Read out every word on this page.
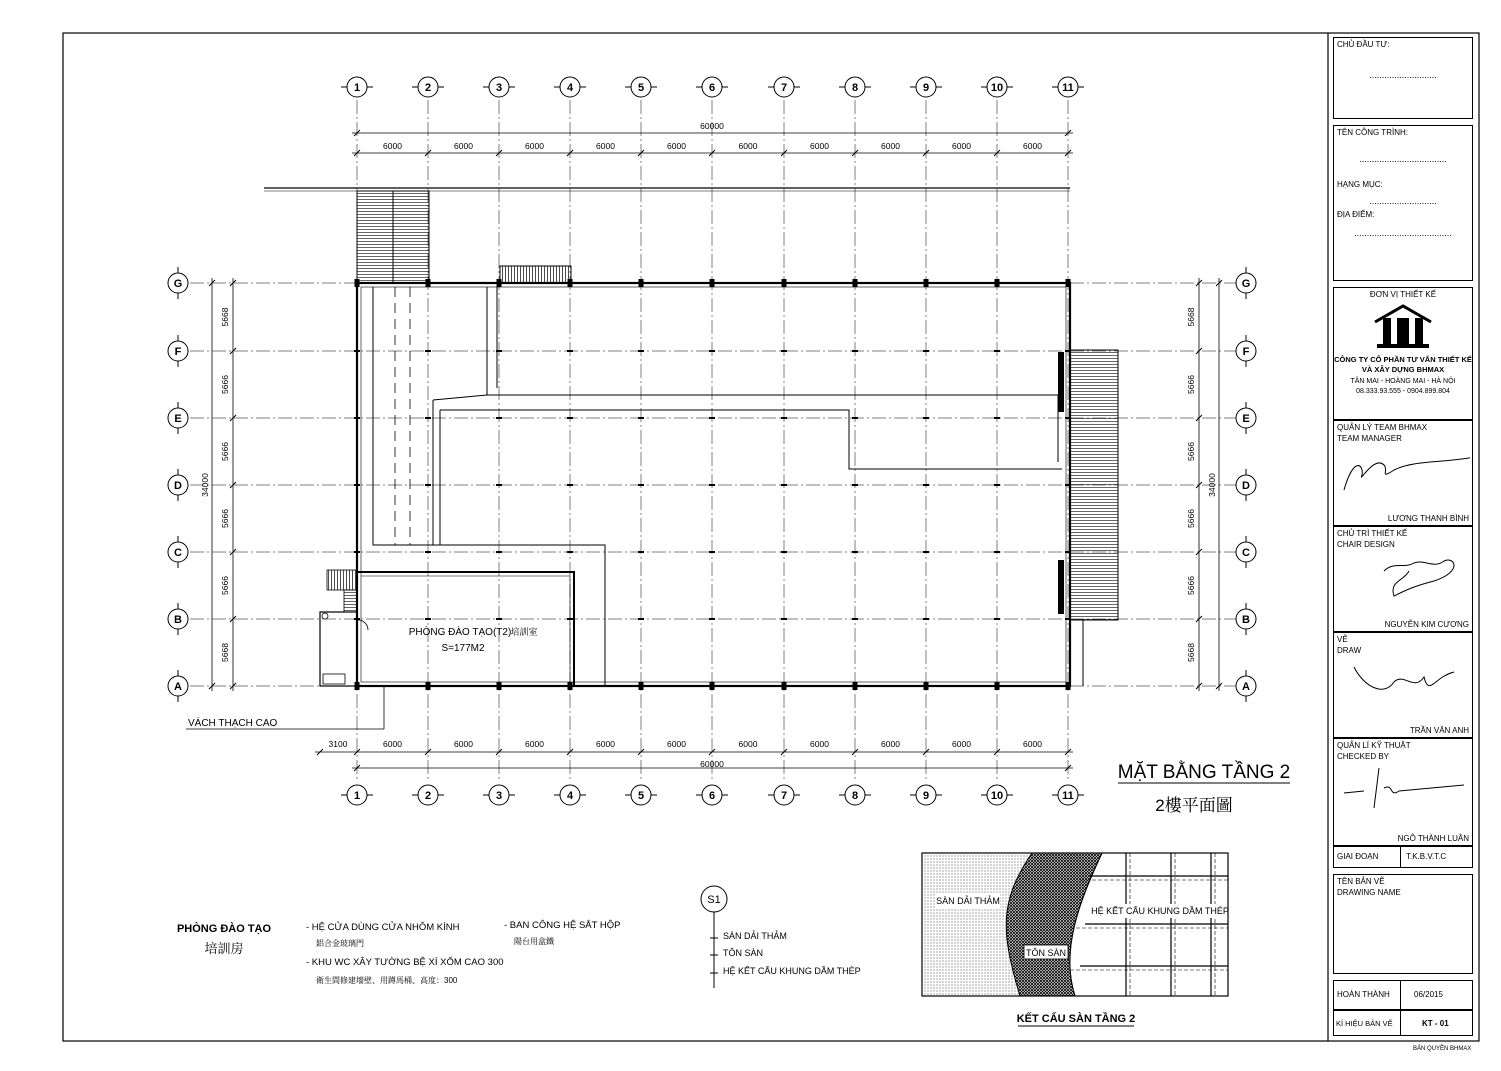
60000
6000	6000	6000	6000	6000	6000	6000	6000	6000	6000
3100	6000	6000	6000	6000	6000	6000	6000	6000	6000	6000
60000
5668
5666
5666
5666
5666
5668
34000
5668
5666
5666
5666
5666
5668
34000
1
1
2
2
3
3
4
4
5
5
6
6
7
7
8
8
9
9
10
10
11
11
G	G
F	F
E	E
D	D
C	C
B	B
A	A
PHÒNG ĐÀO TẠO(T2) 培訓室
S=177M2
VÁCH THẠCH CAO
MẶT BẰNG TẦNG 2
2樓平面圖
PHÒNG ĐÀO TẠO
培訓房
- HỆ CỬA DÙNG CỬA NHÔM KÍNH
鋁合金玻璃門
- KHU WC XÂY TƯỜNG BỆ XÍ XỔM CAO 300
衛生間修建墻壁、用蹲馬桶、高度：300
- BAN CÔNG HỆ SẮT HỘP
陽台用盒鐵
S1
SÀN DẢI THẢM
TÔN SÀN
HỆ KẾT CẤU KHUNG DẦM THÉP
SÀN DẢI THẢM
TÔN SÀN
HỆ KẾT CẤU KHUNG DẦM THÉP
KẾT CẤU SÀN TẦNG 2
CHỦ ĐẦU TƯ:
...........................
TÊN CÔNG TRÌNH:
...................................
HẠNG MỤC:
...........................
ĐỊA ĐIỂM:
.......................................
ĐƠN VỊ THIẾT KẾ
CÔNG TY CỔ PHẦN TƯ VẤN THIẾT KẾ
VÀ XÂY DỰNG BHMAX
TÂN MAI - HOÀNG MAI - HÀ NỘI
08.333.93.555 - 0904.899.804
QUẢN LÝ TEAM BHMAX
TEAM MANAGER
LƯƠNG THANH BÌNH
CHỦ TRÌ THIẾT KẾ
CHAIR DESIGN
NGUYỄN KIM CƯƠNG
VẼ
DRAW
TRẦN VĂN ANH
QUẢN LÍ KỸ THUẬT
CHECKED BY
NGÔ THÀNH LUÂN
GIAI ĐOẠN	T.K.B.V.T.C
TÊN BẢN VẼ
DRAWING NAME
HOÀN THÀNH	06/2015
KÍ HIỆU BẢN VẼ	KT - 01
BẢN QUYỀN BHMAX
